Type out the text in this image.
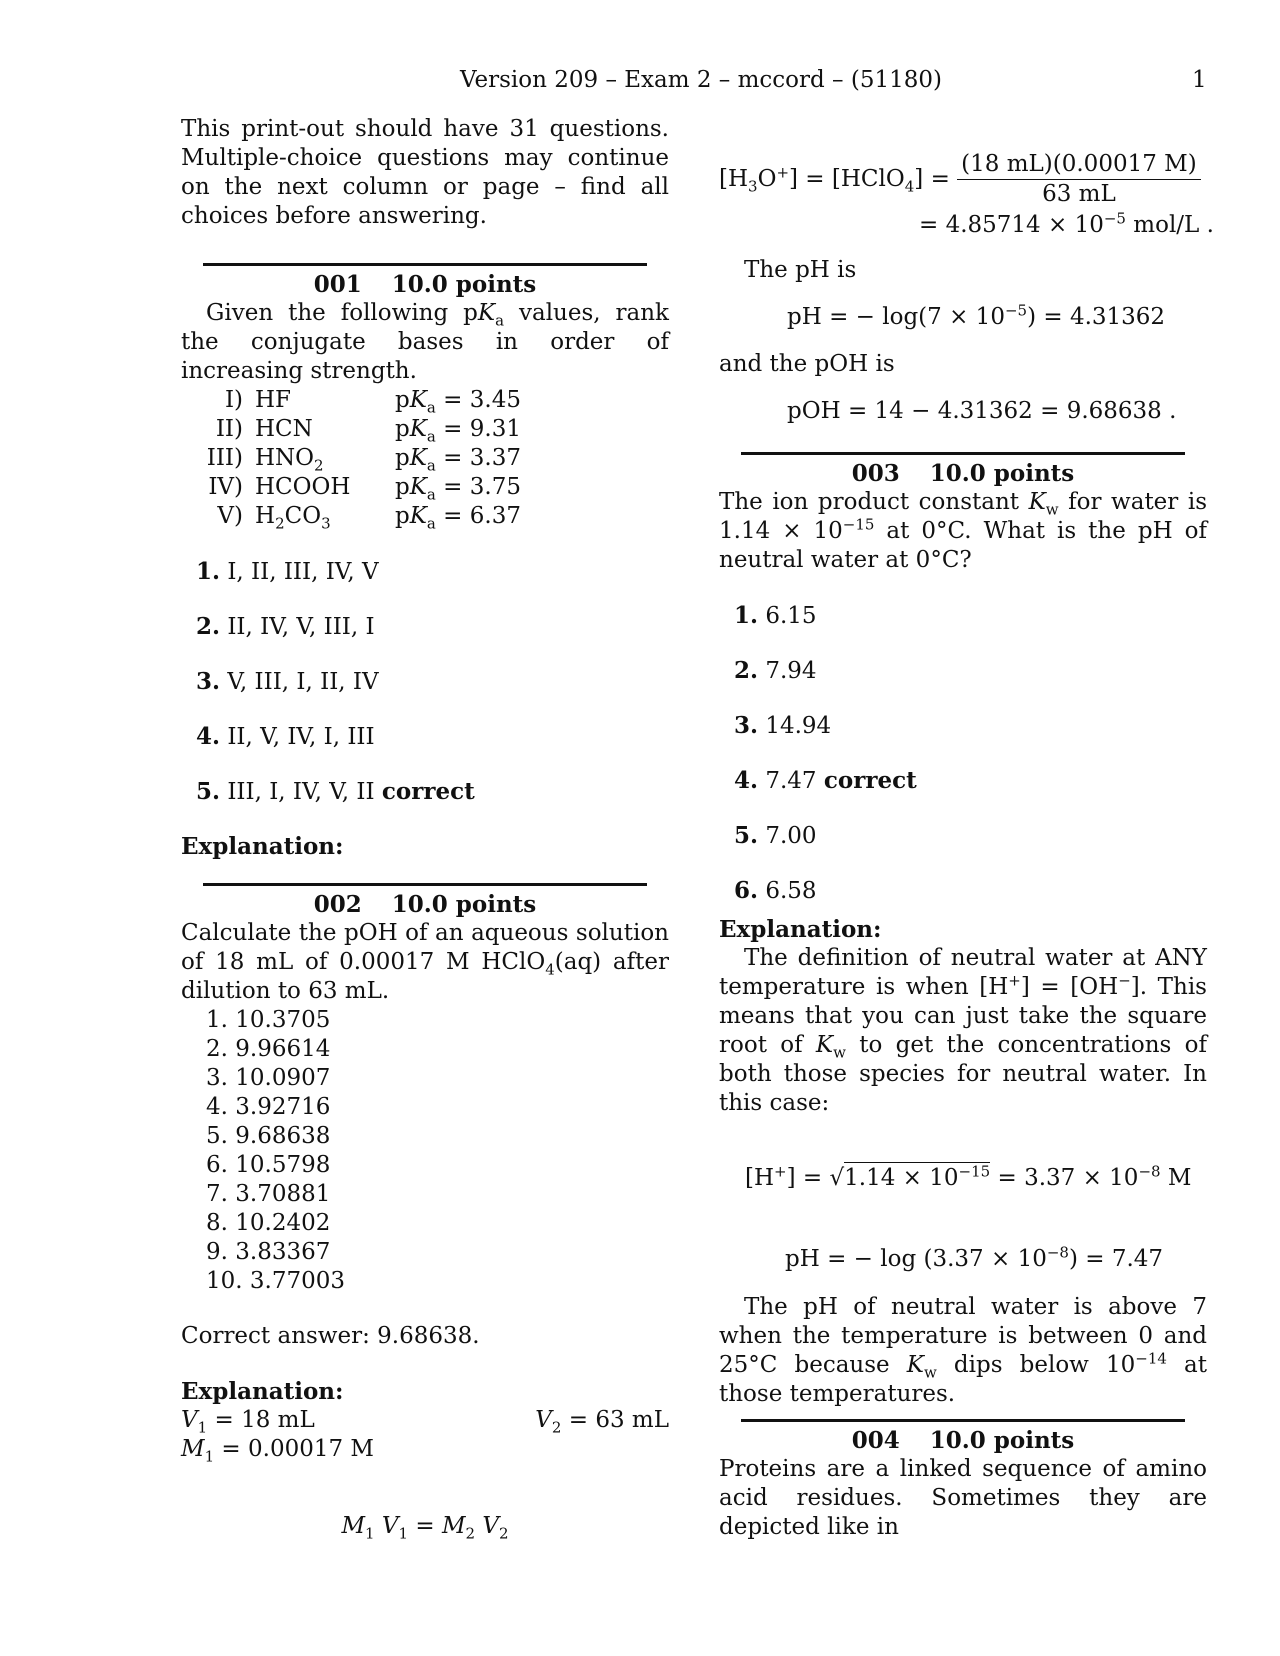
Version 209 – Exam 2 – mccord – (51180)	1

This print-out should have 31 questions. Multiple-choice questions may continue on the next column or page – find all choices before answering.

001 10.0 points

Given the following $pK_a$ values, rank the conjugate bases in order of increasing strength.

I)	HF	$pK_a = 3.45$
II)	HCN	$pK_a = 9.31$
III)	$HNO_2$	$pK_a = 3.37$
IV)	HCOOH	$pK_a = 3.75$
V)	$H_2CO_3$	$pK_a = 6.37$
1. I, II, III, IV, V
2. II, IV, V, III, I
3. V, III, I, II, IV
4. II, V, IV, I, III
5. III, I, IV, V, II correct

Explanation:

002 10.0 points

Calculate the pOH of an aqueous solution of 18 mL of 0.00017 M HClO$_4$(aq) after dilution to 63 mL.

1. 10.3705
2. 9.96614
3. 10.0907
4. 3.92716
5. 9.68638
6. 10.5798
7. 3.70881
8. 10.2402
9. 3.83367
10. 3.77003

Correct answer: 9.68638.

Explanation:

$V_1 = 18$ mL	$V_2 = 63$ mL
$M_1 = 0.00017$ M
$M_1$ $V_1 = M_2$ $V_2$
$[H_3O^+]$ = [HClO$_4$] = $\frac{(18 mL)(0.00017 M)}{63 mL}$
= $4.85714 \times 10^{-5}$ mol/L .

The pH is

pH = − $\log(7 \times 10^{-5}) = 4.31362$

and the pOH is

pOH = 14 − 4.31362 = 9.68638 .
003 10.0 points

The ion product constant $K_w$ for water is $1.14 \times 10^{-15}$ at 0°C. What is the pH of neutral water at 0°C?

1. 6.15
2. 7.94
3. 14.94
4. 7.47 correct
5. 7.00
6. 6.58

Explanation:

The definition of neutral water at ANY temperature is when [H+] = [OH−]. This means that you can just take the square root of $K_w$ to get the concentrations of both those species for neutral water. In this case:

$[H^+] = √1.14 \times 10^{-15} = 3.37 \times 10^{-8}$ M
pH = − $\log (3.37 \times 10^{-8}) = 7.47$

The pH of neutral water is above 7 when the temperature is between 0 and 25°C because $K_w$ dips below $10^{-14}$ at those temperatures.

004 10.0 points

Proteins are a linked sequence of amino acid residues. Sometimes they are depicted like in
